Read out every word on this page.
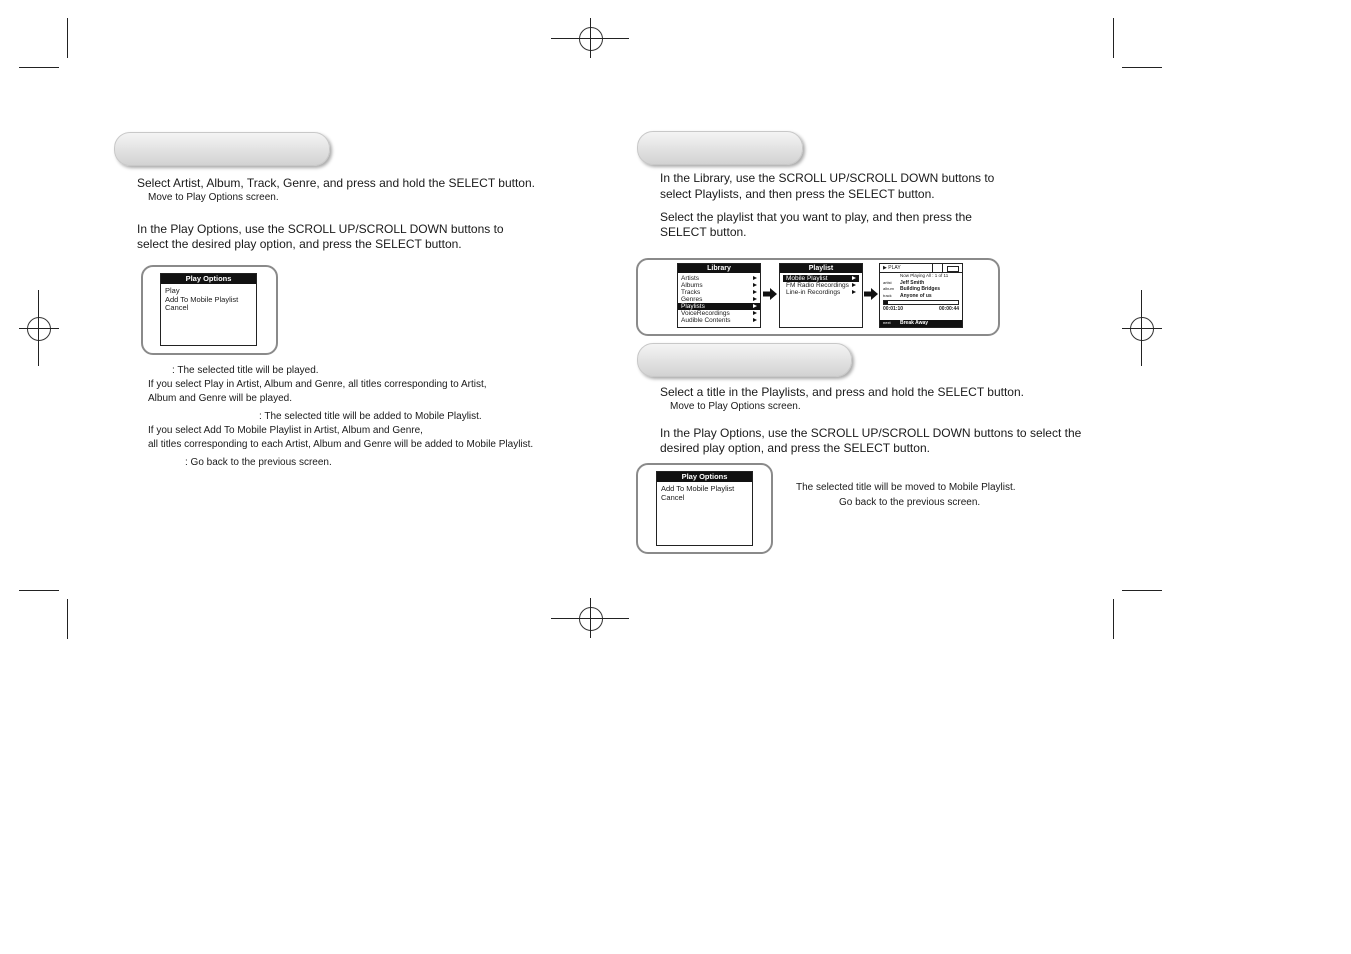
Select Artist, Album, Track, Genre, and press and hold the SELECT button.
Move to Play Options screen.
In the Play Options, use the SCROLL UP/SCROLL DOWN buttons to
select the desired play option, and press the SELECT button.
Play Options
Play
Add To Mobile Playlist
Cancel
: The selected title will be played.
If you select Play in Artist, Album and Genre, all titles corresponding to Artist,
Album and Genre will be played.
: The selected title will be added to Mobile Playlist.
If you select Add To Mobile Playlist in Artist, Album and Genre,
all titles corresponding to each Artist, Album and Genre will be added to Mobile Playlist.
: Go back to the previous screen.
In the Library, use the SCROLL UP/SCROLL DOWN buttons to
select Playlists, and then press the SELECT button.
Select the playlist that you want to play, and then press the
SELECT button.
Library
Artists
Albums
Tracks
Genres
Playlists
VoiceRecordings
Audible Contents
Playlist
Mobile Playlist
FM Radio Recordings
Line-in Recordings
▶ PLAY
Now Playing All : 1 of 11
artist Jeff Smith
album Building Bridges
track Anyone of us
00:01:10	00:00:44
next Break Away
Select a title in the Playlists, and press and hold the SELECT button.
Move to Play Options screen.
In the Play Options, use the SCROLL UP/SCROLL DOWN buttons to select the
desired play option, and press the SELECT button.
Play Options
Add To Mobile Playlist
Cancel
The selected title will be moved to Mobile Playlist.
Go back to the previous screen.
